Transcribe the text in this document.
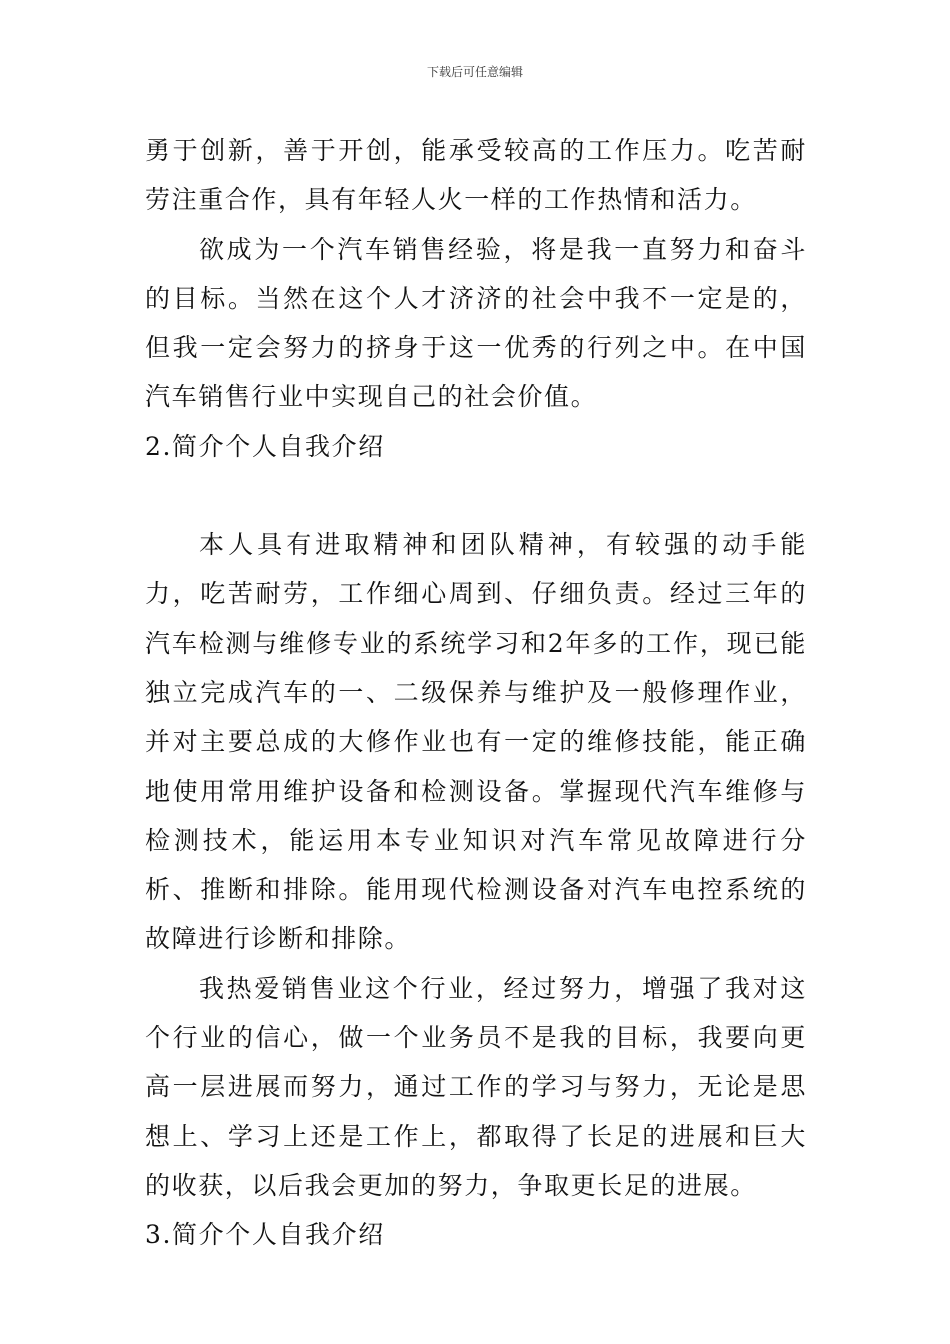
下载后可任意编辑

勇于创新，善于开创，能承受较高的工作压力。吃苦耐劳注重合作，具有年轻人火一样的工作热情和活力。

欲成为一个汽车销售经验，将是我一直努力和奋斗的目标。当然在这个人才济济的社会中我不一定是的，但我一定会努力的挤身于这一优秀的行列之中。在中国汽车销售行业中实现自己的社会价值。

2.简介个人自我介绍

本人具有进取精神和团队精神，有较强的动手能力，吃苦耐劳，工作细心周到、仔细负责。经过三年的汽车检测与维修专业的系统学习和2年多的工作，现已能独立完成汽车的一、二级保养与维护及一般修理作业，并对主要总成的大修作业也有一定的维修技能，能正确地使用常用维护设备和检测设备。掌握现代汽车维修与检测技术，能运用本专业知识对汽车常见故障进行分析、推断和排除。能用现代检测设备对汽车电控系统的故障进行诊断和排除。

我热爱销售业这个行业，经过努力，增强了我对这个行业的信心，做一个业务员不是我的目标，我要向更高一层进展而努力，通过工作的学习与努力，无论是思想上、学习上还是工作上，都取得了长足的进展和巨大的收获，以后我会更加的努力，争取更长足的进展。

3.简介个人自我介绍
